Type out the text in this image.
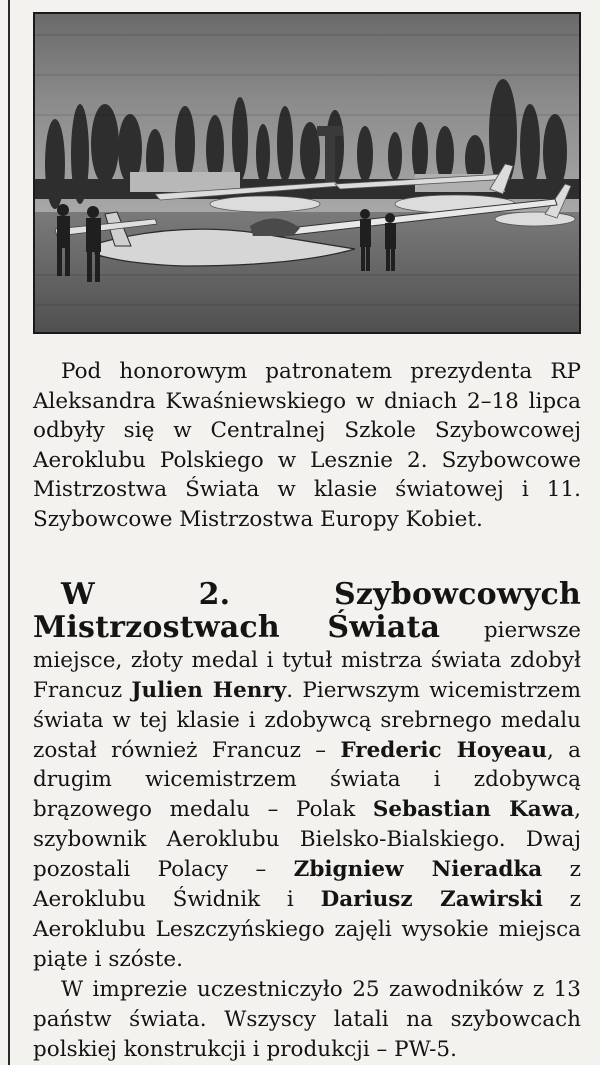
Pod honorowym patronatem prezydenta RP Aleksandra Kwaśniewskiego w dniach 2–18 lipca odbyły się w Centralnej Szkole Szybowcowej Aeroklubu Polskiego w Lesznie 2. Szybowcowe Mistrzostwa Świata w klasie światowej i 11. Szybowcowe Mistrzostwa Europy Kobiet.

W 2. Szybowcowych Mistrzostwach Świata pierwsze miejsce, złoty medal i tytuł mistrza świata zdobył Francuz Julien Henry. Pierwszym wicemistrzem świata w tej klasie i zdobywcą srebrnego medalu został również Francuz – Frederic Hoyeau, a drugim wicemistrzem świata i zdobywcą brązowego medalu – Polak Sebastian Kawa, szybownik Aeroklubu Bielsko-Bialskiego. Dwaj pozostali Polacy – Zbigniew Nieradka z Aeroklubu Świdnik i Dariusz Zawirski z Aeroklubu Leszczyńskiego zajęli wysokie miejsca piąte i szóste.

W imprezie uczestniczyło 25 zawodników z 13 państw świata. Wszyscy latali na szybowcach polskiej konstrukcji i produkcji – PW-5.
